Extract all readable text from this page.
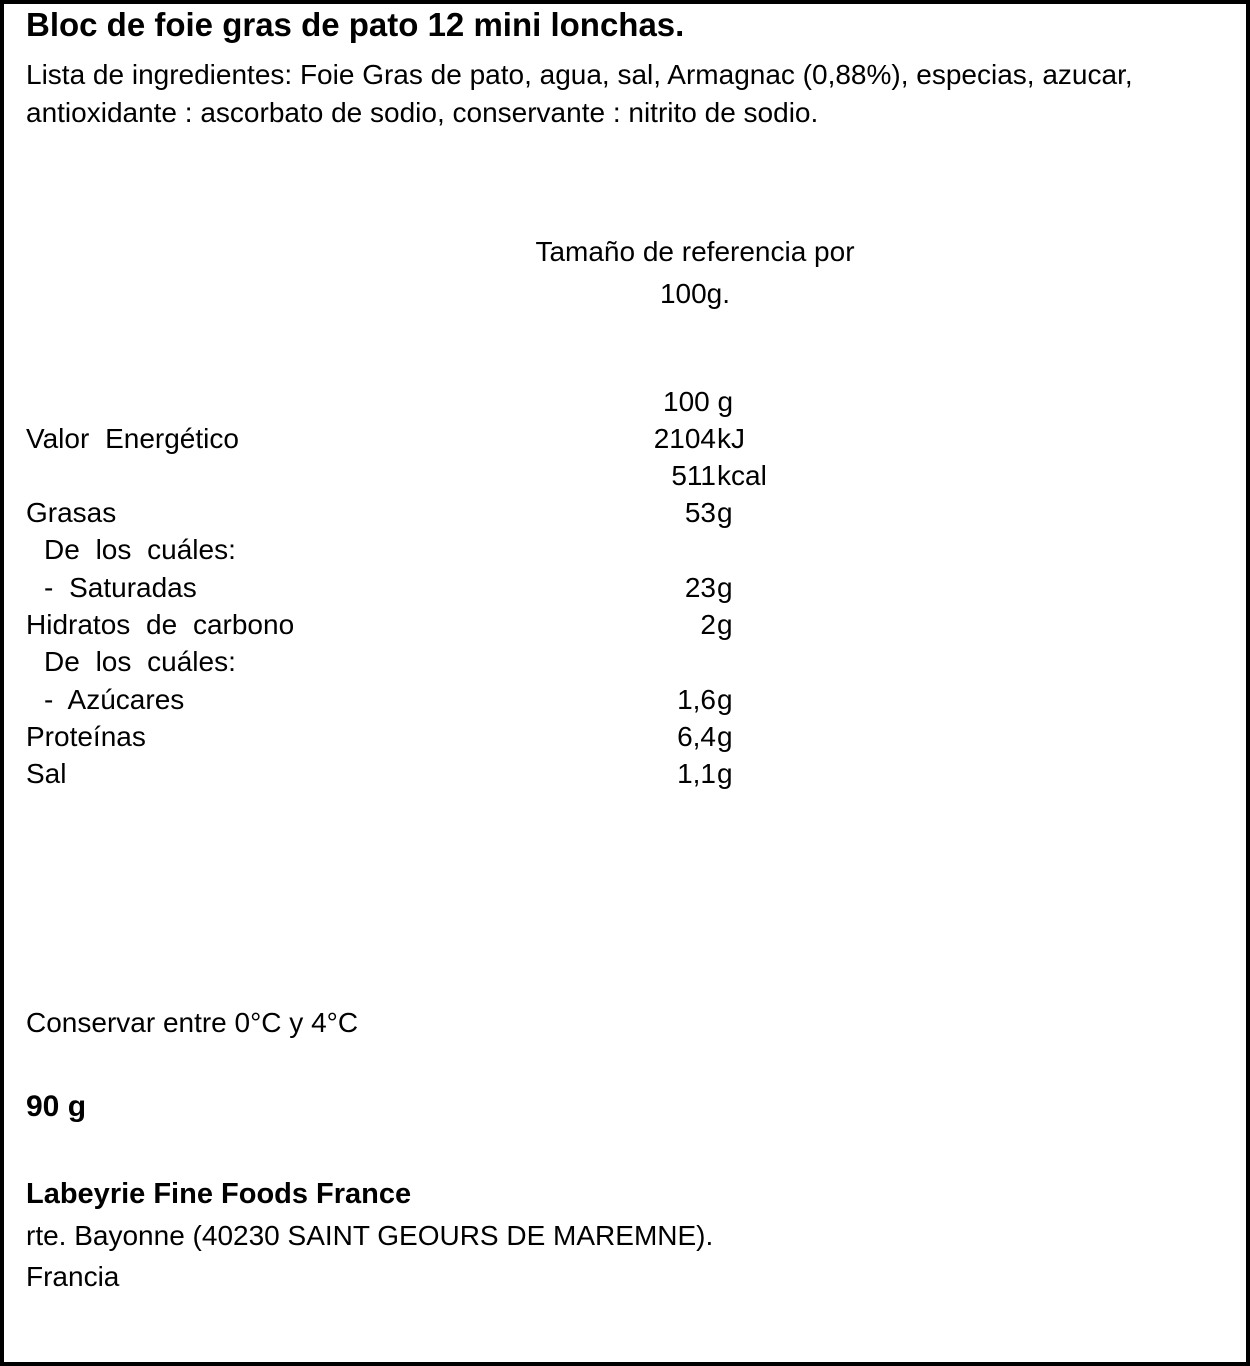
Bloc de foie gras de pato 12 mini lonchas.
Lista de ingredientes: Foie Gras de pato, agua, sal, Armagnac (0,88%), especias, azucar, antioxidante : ascorbato de sodio, conservante : nitrito de sodio.
Tamaño de referencia por
100g.
100 g
Valor Energético	2104 kJ
511 kcal
Grasas	53 g
De los cuáles:
- Saturadas	23 g
Hidratos de carbono	2 g
De los cuáles:
- Azúcares	1,6 g
Proteínas	6,4 g
Sal	1,1 g
Conservar entre 0°C y 4°C
90 g
Labeyrie Fine Foods France
rte. Bayonne (40230 SAINT GEOURS DE MAREMNE).
Francia
